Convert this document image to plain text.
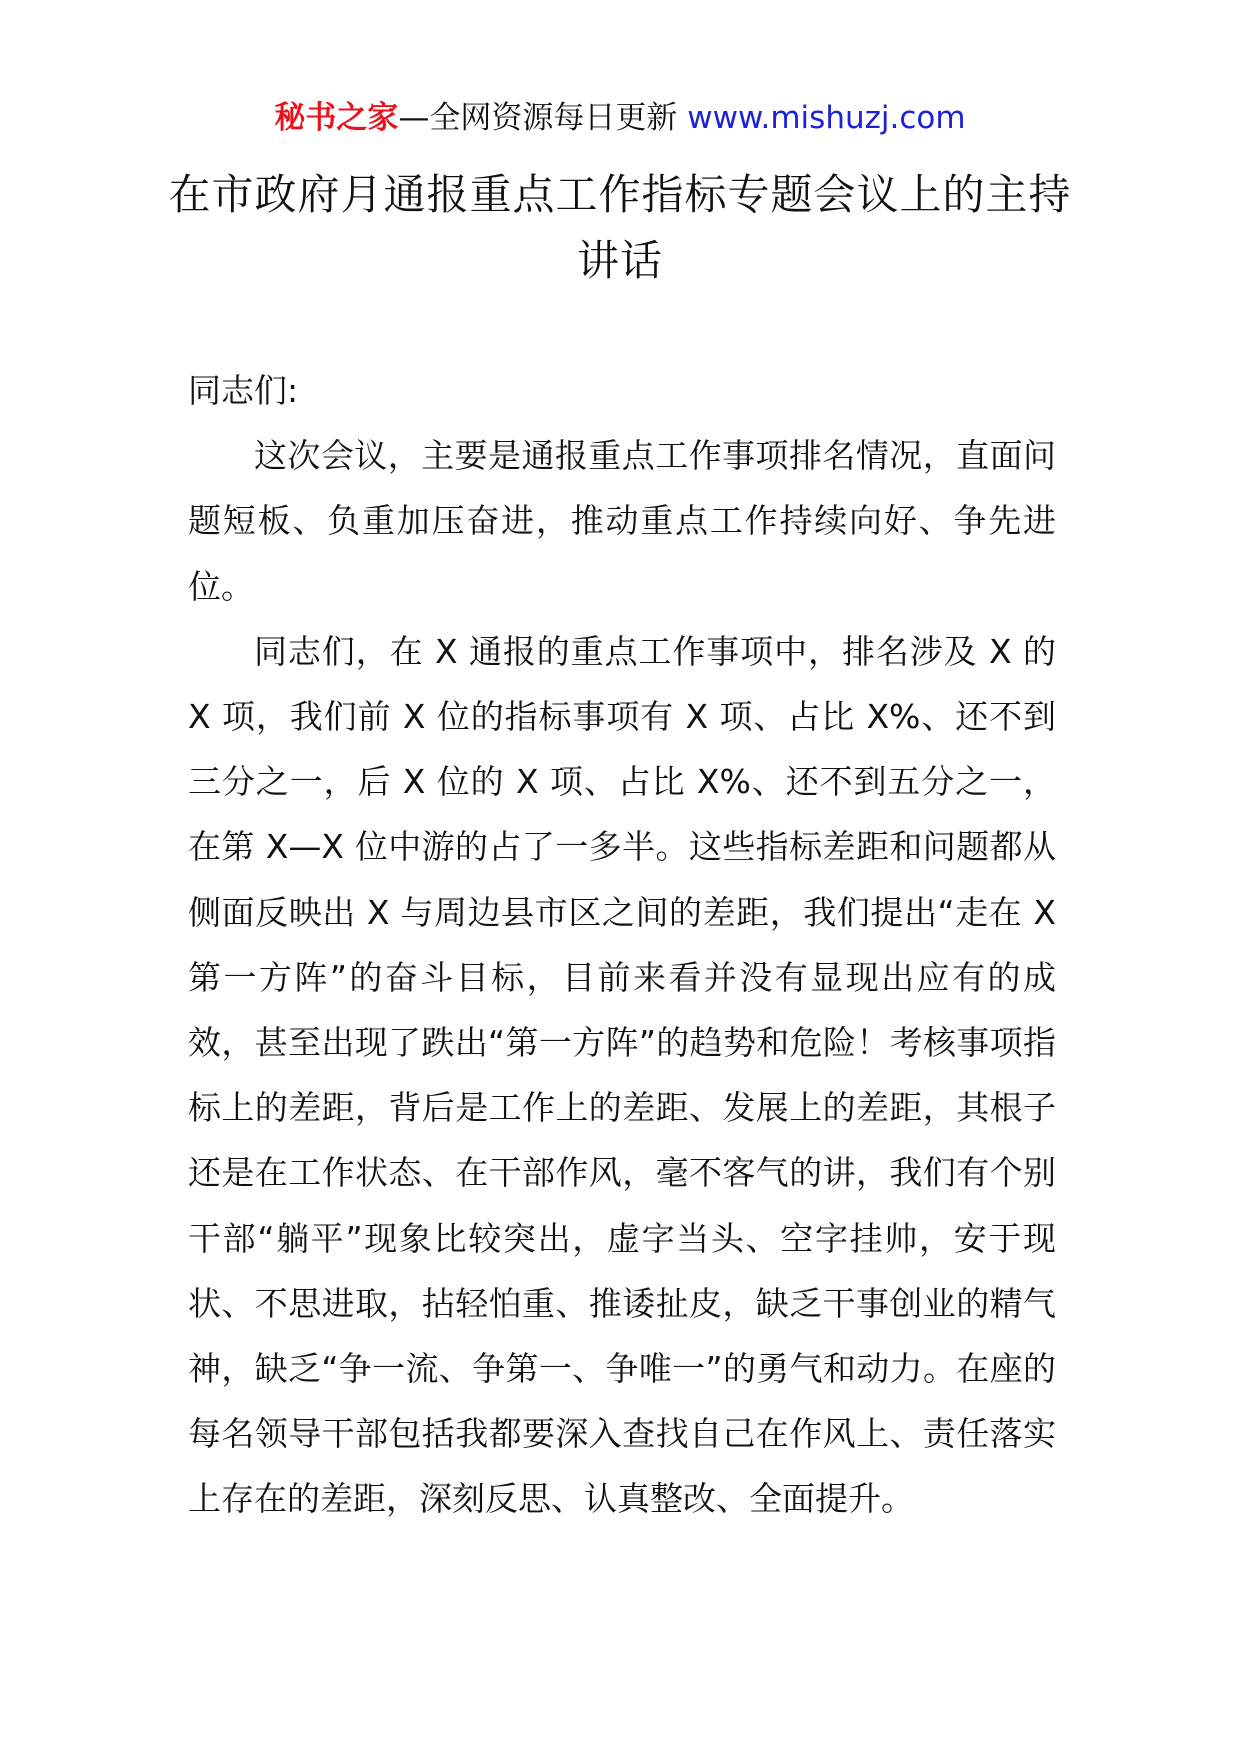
秘书之家—全网资源每日更新 www.mishuzj.com
在市政府月通报重点工作指标专题会议上的主持讲话

同志们:

这次会议，主要是通报重点工作事项排名情况，直面问题短板、负重加压奋进，推动重点工作持续向好、争先进位。

同志们，在 X 通报的重点工作事项中，排名涉及 X 的 X 项，我们前 X 位的指标事项有 X 项、占比 X%、还不到三分之一，后 X 位的 X 项、占比 X%、还不到五分之一，在第 X—X 位中游的占了一多半。这些指标差距和问题都从侧面反映出 X 与周边县市区之间的差距，我们提出“走在 X 第一方阵”的奋斗目标，目前来看并没有显现出应有的成效，甚至出现了跌出“第一方阵”的趋势和危险！考核事项指标上的差距，背后是工作上的差距、发展上的差距，其根子还是在工作状态、在干部作风，毫不客气的讲，我们有个别干部“躺平”现象比较突出，虚字当头、空字挂帅，安于现状、不思进取，拈轻怕重、推诿扯皮，缺乏干事创业的精气神，缺乏“争一流、争第一、争唯一”的勇气和动力。在座的每名领导干部包括我都要深入查找自己在作风上、责任落实上存在的差距，深刻反思、认真整改、全面提升。
